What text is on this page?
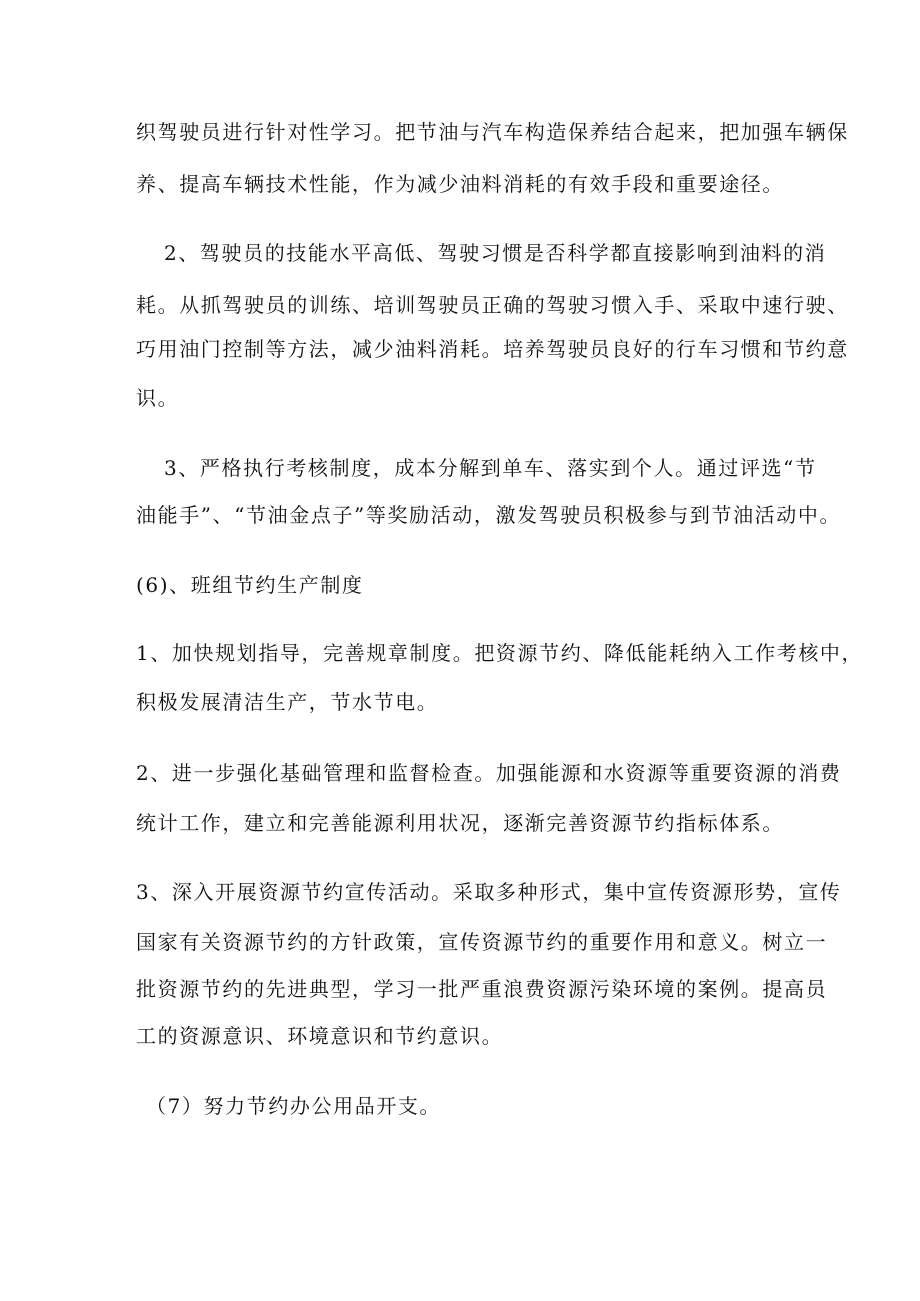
织驾驶员进行针对性学习。把节油与汽车构造保养结合起来，把加强车辆保
养、提高车辆技术性能，作为减少油料消耗的有效手段和重要途径。
2、驾驶员的技能水平高低、驾驶习惯是否科学都直接影响到油料的消
耗。从抓驾驶员的训练、培训驾驶员正确的驾驶习惯入手、采取中速行驶、
巧用油门控制等方法，减少油料消耗。培养驾驶员良好的行车习惯和节约意
识。
3、严格执行考核制度，成本分解到单车、落实到个人。通过评选“节
油能手”、“节油金点子”等奖励活动，激发驾驶员积极参与到节油活动中。
(6)、班组节约生产制度
1、加快规划指导，完善规章制度。把资源节约、降低能耗纳入工作考核中，
积极发展清洁生产，节水节电。
2、进一步强化基础管理和监督检查。加强能源和水资源等重要资源的消费
统计工作，建立和完善能源利用状况，逐渐完善资源节约指标体系。
3、深入开展资源节约宣传活动。采取多种形式，集中宣传资源形势，宣传
国家有关资源节约的方针政策，宣传资源节约的重要作用和意义。树立一
批资源节约的先进典型，学习一批严重浪费资源污染环境的案例。提高员
工的资源意识、环境意识和节约意识。
（7）努力节约办公用品开支。
